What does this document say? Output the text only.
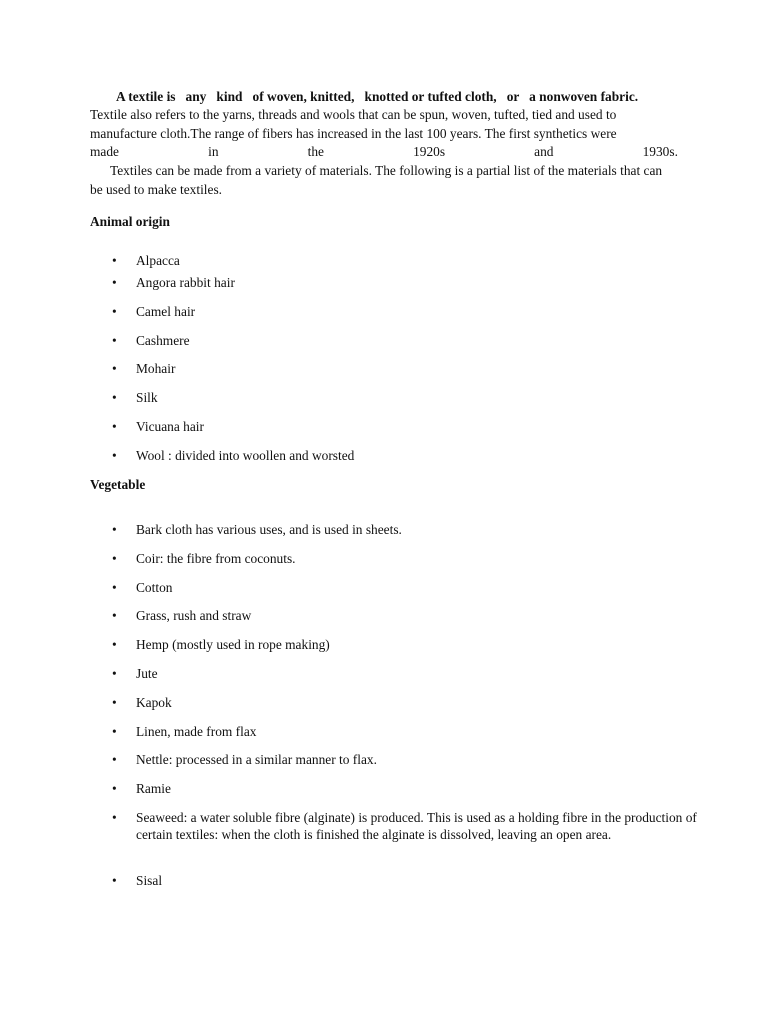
A textile is   any   kind   of woven, knitted,   knotted or tufted cloth,   or   a nonwoven fabric.
Textile also refers to the yarns, threads and wools that can be spun, woven, tufted, tied and used to
manufacture cloth.The range of fibers has increased in the last 100 years. The first synthetics were
made	in	the	1920s	and	1930s.
Textiles can be made from a variety of materials. The following is a partial list of the materials that can be used to make textiles.
Animal origin
• Alpacca
• Angora rabbit hair
• Camel hair
• Cashmere
• Mohair
• Silk
• Vicuana hair
• Wool : divided into woollen and worsted
Vegetable
• Bark cloth has various uses, and is used in sheets.
• Coir: the fibre from coconuts.
• Cotton
• Grass, rush and straw
• Hemp (mostly used in rope making)
• Jute
• Kapok
• Linen, made from flax
• Nettle: processed in a similar manner to flax.
• Ramie
• Seaweed: a water soluble fibre (alginate) is produced. This is used as a holding fibre in the production of certain textiles: when the cloth is finished the alginate is dissolved, leaving an open area.
• Sisal
